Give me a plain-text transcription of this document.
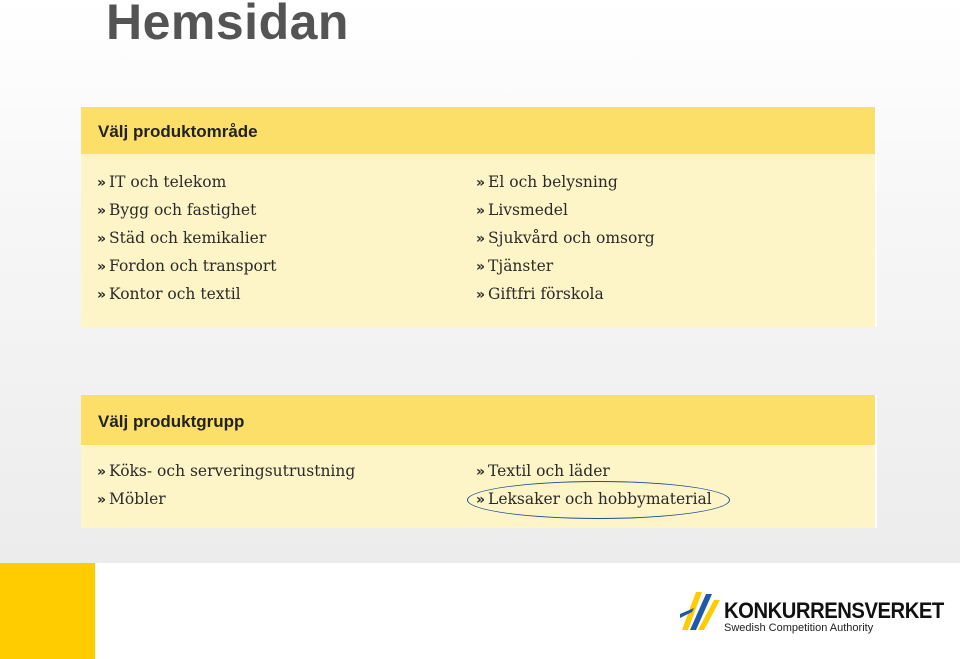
Hemsidan
Välj produktområde
» IT och telekom
» Bygg och fastighet
» Städ och kemikalier
» Fordon och transport
» Kontor och textil
» El och belysning
» Livsmedel
» Sjukvård och omsorg
» Tjänster
» Giftfri förskola
Välj produktgrupp
» Köks- och serveringsutrustning
» Möbler
» Textil och läder
» Leksaker och hobbymaterial
KONKURRENSVERKET
Swedish Competition Authority
